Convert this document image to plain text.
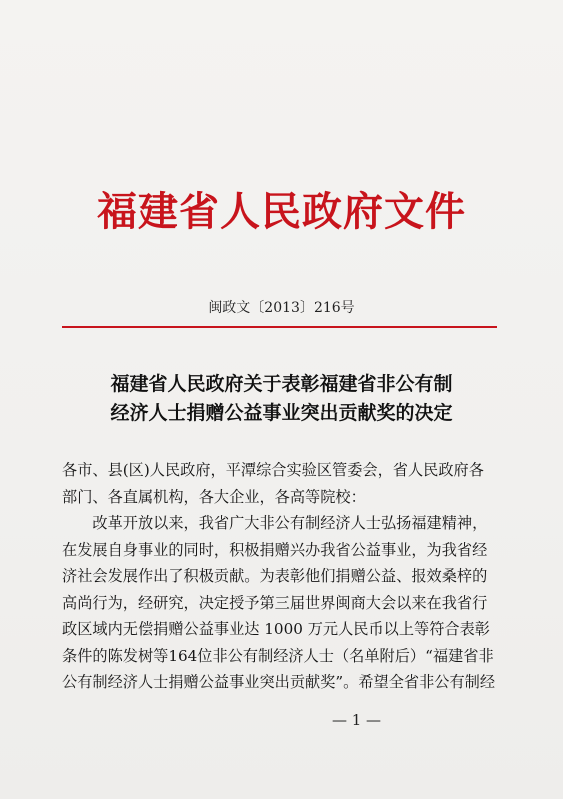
福建省人民政府文件
闽政文〔2013〕216号
福建省人民政府关于表彰福建省非公有制
经济人士捐赠公益事业突出贡献奖的决定

各市、县(区)人民政府，平潭综合实验区管委会，省人民政府各

部门、各直属机构，各大企业，各高等院校：

改革开放以来，我省广大非公有制经济人士弘扬福建精神，

在发展自身事业的同时，积极捐赠兴办我省公益事业，为我省经

济社会发展作出了积极贡献。为表彰他们捐赠公益、报效桑梓的

高尚行为，经研究，决定授予第三届世界闽商大会以来在我省行

政区域内无偿捐赠公益事业达 1000 万元人民币以上等符合表彰

条件的陈发树等164位非公有制经济人士（名单附后）“福建省非

公有制经济人士捐赠公益事业突出贡献奖”。希望全省非公有制经

— 1 —
